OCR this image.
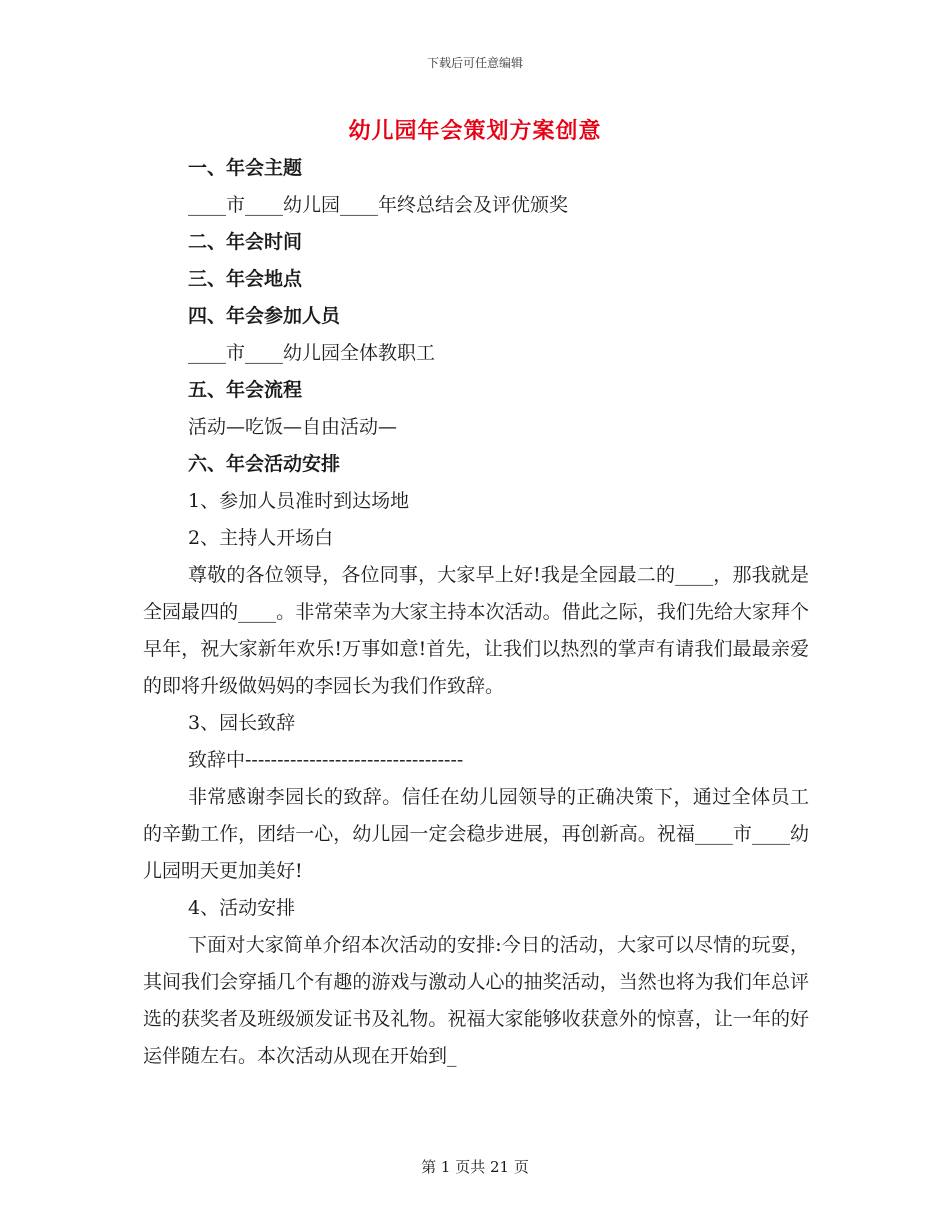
下载后可任意编辑
幼儿园年会策划方案创意
一、年会主题
____市____幼儿园____年终总结会及评优颁奖
二、年会时间
三、年会地点
四、年会参加人员
____市____幼儿园全体教职工
五、年会流程
活动—吃饭—自由活动—
六、年会活动安排
1、参加人员准时到达场地
2、主持人开场白

尊敬的各位领导，各位同事，大家早上好!我是全园最二的____，那我就是全园最四的____。非常荣幸为大家主持本次活动。借此之际，我们先给大家拜个早年，祝大家新年欢乐!万事如意!首先，让我们以热烈的掌声有请我们最最亲爱的即将升级做妈妈的李园长为我们作致辞。

3、园长致辞
致辞中----------------------------------

非常感谢李园长的致辞。信任在幼儿园领导的正确决策下，通过全体员工的辛勤工作，团结一心，幼儿园一定会稳步进展，再创新高。祝福____市____幼儿园明天更加美好!

4、活动安排

下面对大家简单介绍本次活动的安排:今日的活动，大家可以尽情的玩耍，其间我们会穿插几个有趣的游戏与激动人心的抽奖活动，当然也将为我们年总评选的获奖者及班级颁发证书及礼物。祝福大家能够收获意外的惊喜，让一年的好运伴随左右。本次活动从现在开始到_

第 1 页共 21 页
